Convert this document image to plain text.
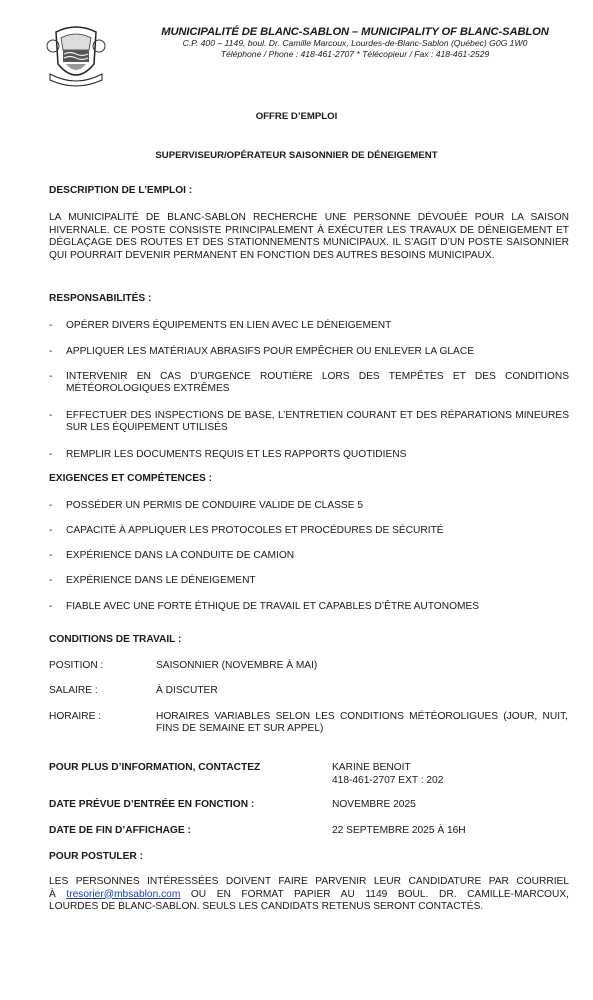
MUNICIPALITÉ DE BLANC-SABLON – MUNICIPALITY OF BLANC-SABLON
C.P. 400 – 1149, boul. Dr. Camille Marcoux, Lourdes-de-Blanc-Sablon (Québec) G0G 1W0
Téléphone / Phone : 418-461-2707 * Télécopieur / Fax : 418-461-2529
OFFRE D’EMPLOI
SUPERVISEUR/OPÉRATEUR SAISONNIER DE DÉNEIGEMENT
DESCRIPTION DE L’EMPLOI :
LA MUNICIPALITÉ DE BLANC-SABLON RECHERCHE UNE PERSONNE DÉVOUÉE POUR LA SAISON HIVERNALE. CE POSTE CONSISTE PRINCIPALEMENT À EXÉCUTER LES TRAVAUX DE DÉNEIGEMENT ET DÉGLAÇAGE DES ROUTES ET DES STATIONNEMENTS MUNICIPAUX. IL S’AGIT D’UN POSTE SAISONNIER QUI POURRAIT DEVENIR PERMANENT EN FONCTION DES AUTRES BESOINS MUNICIPAUX.
RESPONSABILITÉS :
-	OPÉRER DIVERS ÉQUIPEMENTS EN LIEN AVEC LE DÉNEIGEMENT
-	APPLIQUER LES MATÉRIAUX ABRASIFS POUR EMPÊCHER OU ENLEVER LA GLACE
-	INTERVENIR EN CAS D’URGENCE ROUTIÈRE LORS DES TEMPÊTES ET DES CONDITIONS MÉTÉOROLOGIQUES EXTRÊMES
-	EFFECTUER DES INSPECTIONS DE BASE, L’ENTRETIEN COURANT ET DES RÉPARATIONS MINEURES SUR LES ÉQUIPEMENT UTILISÉS
-	REMPLIR LES DOCUMENTS REQUIS ET LES RAPPORTS QUOTIDIENS
EXIGENCES ET COMPÉTENCES :
-	POSSÉDER UN PERMIS DE CONDUIRE VALIDE DE CLASSE 5
-	CAPACITÉ À APPLIQUER LES PROTOCOLES ET PROCÉDURES DE SÉCURITÉ
-	EXPÉRIENCE DANS LA CONDUITE DE CAMION
-	EXPÉRIENCE DANS LE DÉNEIGEMENT
-	FIABLE AVEC UNE FORTE ÉTHIQUE DE TRAVAIL ET CAPABLES D’ÊTRE AUTONOMES
CONDITIONS DE TRAVAIL :
POSITION :	SAISONNIER (NOVEMBRE À MAI)
SALAIRE :	À DISCUTER
HORAIRE :	HORAIRES VARIABLES SELON LES CONDITIONS MÉTÉOROLIGUES (JOUR, NUIT, FINS DE SEMAINE ET SUR APPEL)
POUR PLUS D’INFORMATION, CONTACTEZ	KARINE BENOIT
418-461-2707 EXT : 202
DATE PRÉVUE D’ENTRÉE EN FONCTION :	NOVEMBRE 2025
DATE DE FIN D’AFFICHAGE :	22 SEPTEMBRE 2025 À 16H
POUR POSTULER :
LES PERSONNES INTÉRESSÉES DOIVENT FAIRE PARVENIR LEUR CANDIDATURE PAR COURRIEL
À tresorier@mbsablon.com OU EN FORMAT PAPIER AU 1149 BOUL. DR. CAMILLE-MARCOUX,
LOURDES DE BLANC-SABLON. SEULS LES CANDIDATS RETENUS SERONT CONTACTÉS.
